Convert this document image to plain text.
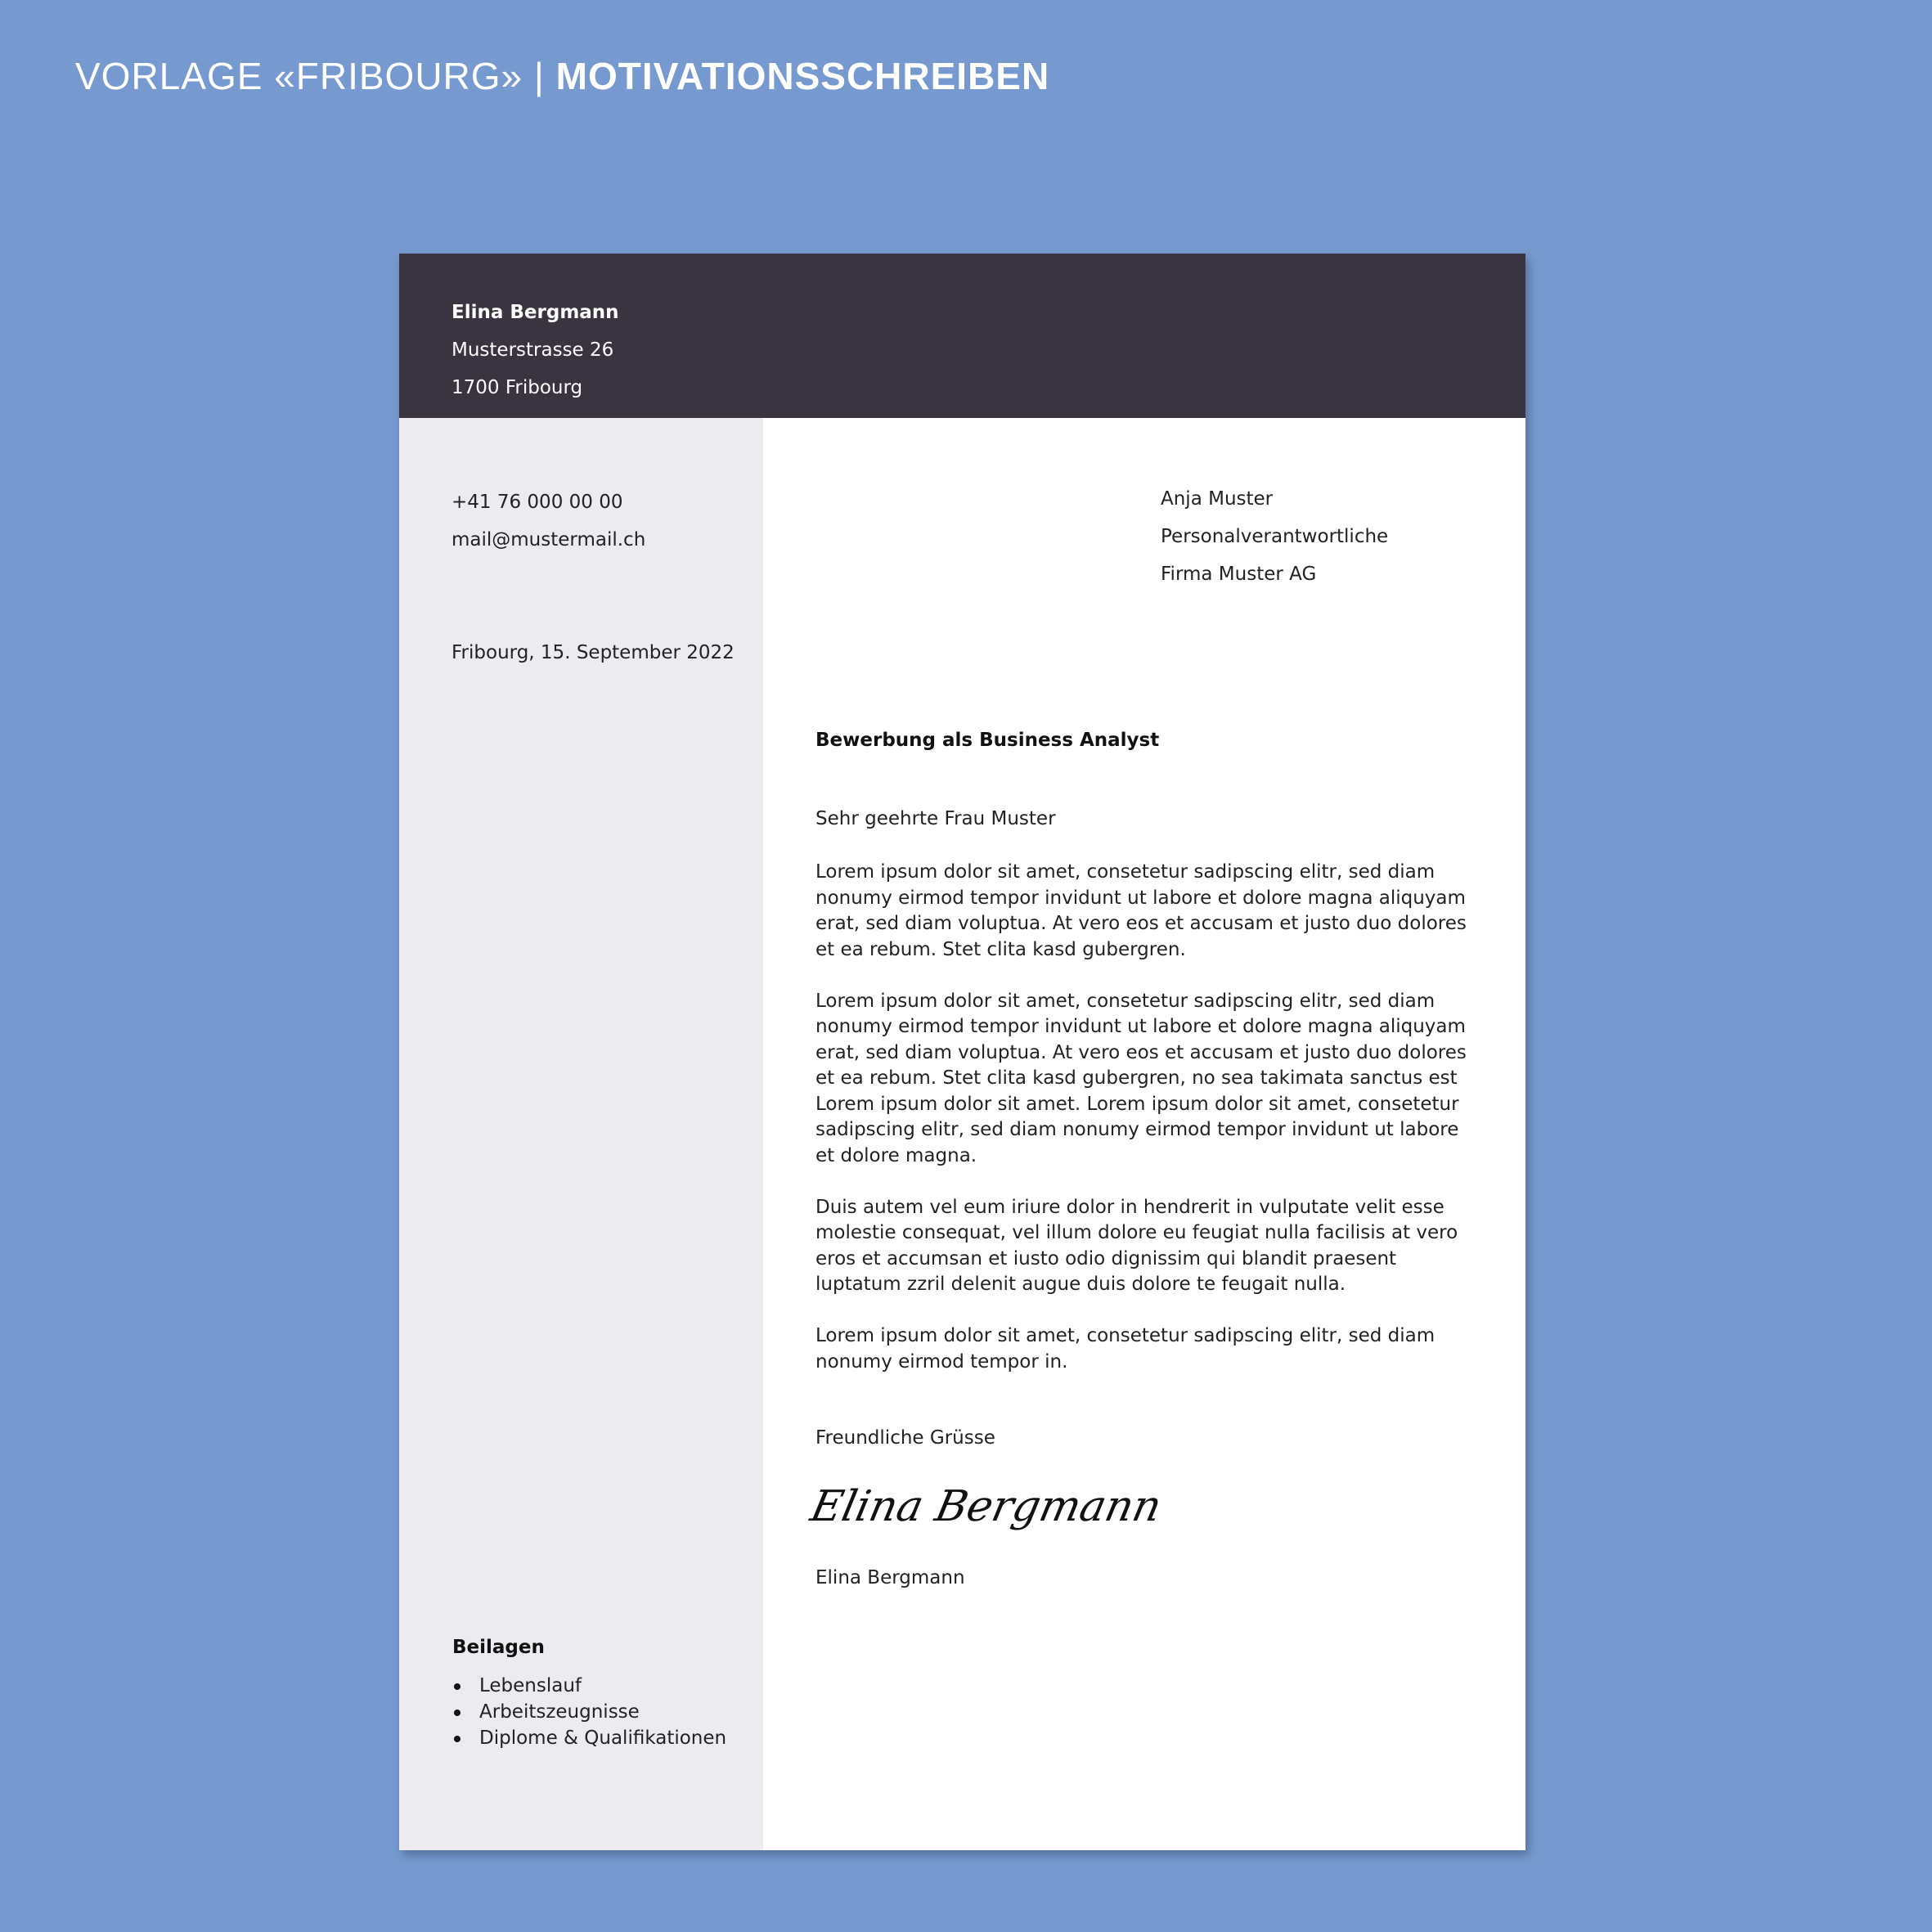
VORLAGE «FRIBOURG» | MOTIVATIONSSCHREIBEN
Elina Bergmann
Musterstrasse 26
1700 Fribourg
+41 76 000 00 00
mail@mustermail.ch
Fribourg, 15. September 2022
Beilagen
Lebenslauf
Arbeitszeugnisse
Diplome & Qualifikationen
Anja Muster
Personalverantwortliche
Firma Muster AG
Bewerbung als Business Analyst
Sehr geehrte Frau Muster

Lorem ipsum dolor sit amet, consetetur sadipscing elitr, sed diam nonumy eirmod tempor invidunt ut labore et dolore magna aliquyam erat, sed diam voluptua. At vero eos et accusam et justo duo dolores et ea rebum. Stet clita kasd gubergren.

Lorem ipsum dolor sit amet, consetetur sadipscing elitr, sed diam nonumy eirmod tempor invidunt ut labore et dolore magna aliquyam erat, sed diam voluptua. At vero eos et accusam et justo duo dolores et ea rebum. Stet clita kasd gubergren, no sea takimata sanctus est Lorem ipsum dolor sit amet. Lorem ipsum dolor sit amet, consetetur sadipscing elitr, sed diam nonumy eirmod tempor invidunt ut labore et dolore magna.

Duis autem vel eum iriure dolor in hendrerit in vulputate velit esse molestie consequat, vel illum dolore eu feugiat nulla facilisis at vero eros et accumsan et iusto odio dignissim qui blandit praesent luptatum zzril delenit augue duis dolore te feugait nulla.

Lorem ipsum dolor sit amet, consetetur sadipscing elitr, sed diam nonumy eirmod tempor in.

Freundliche Grüsse
Elina Bergmann
Elina Bergmann
